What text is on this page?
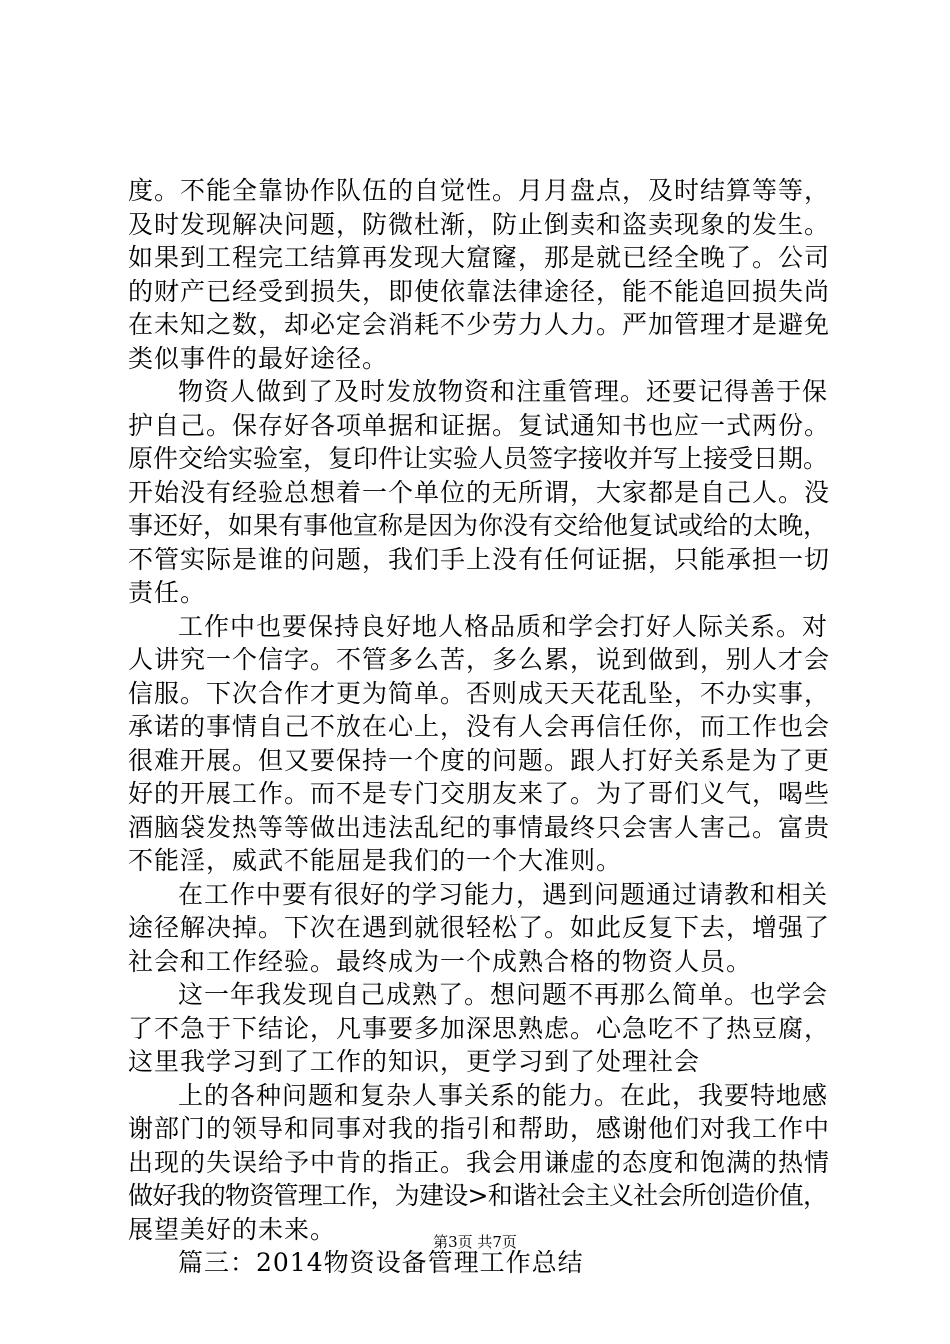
度。不能全靠协作队伍的自觉性。月月盘点，及时结算等等，
及时发现解决问题，防微杜渐，防止倒卖和盗卖现象的发生。
如果到工程完工结算再发现大窟窿，那是就已经全晚了。公司
的财产已经受到损失，即使依靠法律途径，能不能追回损失尚
在未知之数，却必定会消耗不少劳力人力。严加管理才是避免
类似事件的最好途径。
物资人做到了及时发放物资和注重管理。还要记得善于保
护自己。保存好各项单据和证据。复试通知书也应一式两份。
原件交给实验室，复印件让实验人员签字接收并写上接受日期。
开始没有经验总想着一个单位的无所谓，大家都是自己人。没
事还好，如果有事他宣称是因为你没有交给他复试或给的太晚，
不管实际是谁的问题，我们手上没有任何证据，只能承担一切
责任。
工作中也要保持良好地人格品质和学会打好人际关系。对
人讲究一个信字。不管多么苦，多么累，说到做到，别人才会
信服。下次合作才更为简单。否则成天天花乱坠，不办实事，
承诺的事情自己不放在心上，没有人会再信任你，而工作也会
很难开展。但又要保持一个度的问题。跟人打好关系是为了更
好的开展工作。而不是专门交朋友来了。为了哥们义气，喝些
酒脑袋发热等等做出违法乱纪的事情最终只会害人害己。富贵
不能淫，威武不能屈是我们的一个大准则。
在工作中要有很好的学习能力，遇到问题通过请教和相关
途径解决掉。下次在遇到就很轻松了。如此反复下去，增强了
社会和工作经验。最终成为一个成熟合格的物资人员。
这一年我发现自己成熟了。想问题不再那么简单。也学会
了不急于下结论，凡事要多加深思熟虑。心急吃不了热豆腐，
这里我学习到了工作的知识，更学习到了处理社会
上的各种问题和复杂人事关系的能力。在此，我要特地感
谢部门的领导和同事对我的指引和帮助，感谢他们对我工作中
出现的失误给予中肯的指正。我会用谦虚的态度和饱满的热情
做好我的物资管理工作，为建设>和谐社会主义社会所创造价值，
展望美好的未来。
篇三：2014物资设备管理工作总结
第3页 共7页
